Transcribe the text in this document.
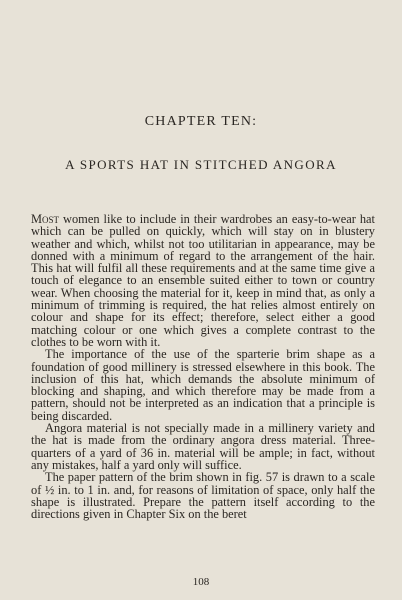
CHAPTER TEN:
A SPORTS HAT IN STITCHED ANGORA

Most women like to include in their wardrobes an easy-to-wear hat which can be pulled on quickly, which will stay on in blustery weather and which, whilst not too utilitarian in appearance, may be donned with a minimum of regard to the arrangement of the hair. This hat will fulfil all these requirements and at the same time give a touch of elegance to an ensemble suited either to town or country wear. When choosing the material for it, keep in mind that, as only a minimum of trimming is required, the hat relies almost entirely on colour and shape for its effect; therefore, select either a good matching colour or one which gives a complete contrast to the clothes to be worn with it.

The importance of the use of the sparterie brim shape as a foundation of good millinery is stressed elsewhere in this book. The inclusion of this hat, which demands the absolute minimum of blocking and shaping, and which therefore may be made from a pattern, should not be interpreted as an indication that a principle is being discarded.

Angora material is not specially made in a millinery variety and the hat is made from the ordinary angora dress material. Three-quarters of a yard of 36 in. material will be ample; in fact, without any mistakes, half a yard only will suffice.

The paper pattern of the brim shown in fig. 57 is drawn to a scale of ½ in. to 1 in. and, for reasons of limitation of space, only half the shape is illustrated. Prepare the pattern itself according to the directions given in Chapter Six on the beret

108
